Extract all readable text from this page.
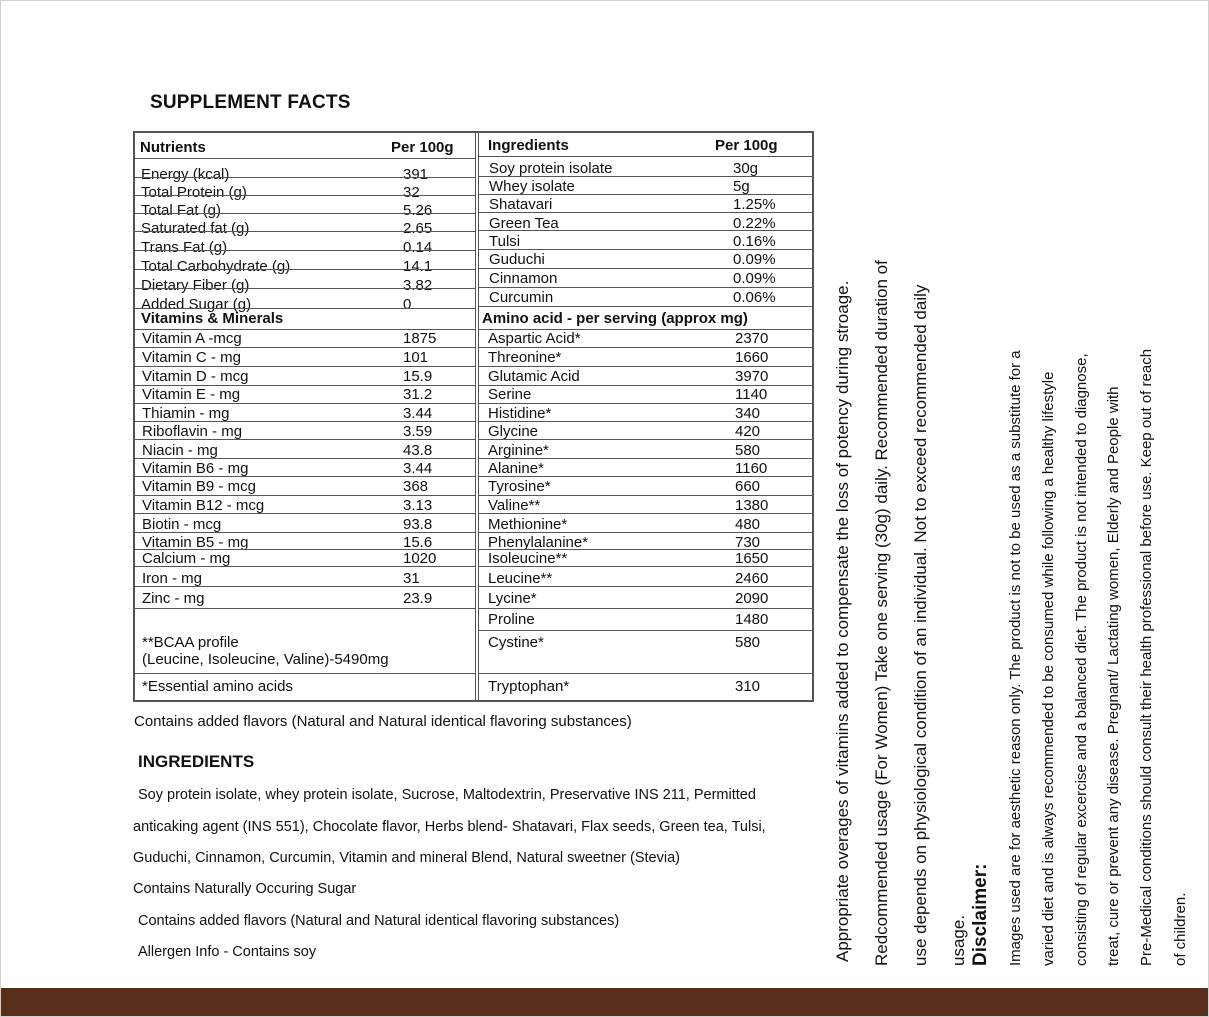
SUPPLEMENT FACTS
Nutrients	Per 100g
Energy (kcal)	391
Total Protein (g)	32
Total Fat (g)	5.26
Saturated fat (g)	2.65
Trans Fat (g)	0.14
Total Carbohydrate (g)	14.1
Dietary Fiber (g)	3.82
Added Sugar (g)	0
Vitamins & Minerals
Vitamin A -mcg	1875
Vitamin C - mg	101
Vitamin D - mcg	15.9
Vitamin E - mg	31.2
Thiamin - mg	3.44
Riboflavin - mg	3.59
Niacin - mg	43.8
Vitamin B6 - mg	3.44
Vitamin B9 - mcg	368
Vitamin B12 - mcg	3.13
Biotin - mcg	93.8
Vitamin B5 - mg	15.6
Calcium - mg	1020
Iron - mg	31
Zinc - mg	23.9
**BCAA profile
(Leucine, Isoleucine, Valine)-5490mg
*Essential amino acids
Ingredients	Per 100g
Soy protein isolate	30g
Whey isolate	5g
Shatavari	1.25%
Green Tea	0.22%
Tulsi	0.16%
Guduchi	0.09%
Cinnamon	0.09%
Curcumin	0.06%
Amino acid - per serving (approx mg)
Aspartic Acid*	2370
Threonine*	1660
Glutamic Acid	3970
Serine	1140
Histidine*	340
Glycine	420
Arginine*	580
Alanine*	1160
Tyrosine*	660
Valine**	1380
Methionine*	480
Phenylalanine*	730
Isoleucine**	1650
Leucine**	2460
Lycine*	2090
Proline	1480
Cystine*	580
Tryptophan*	310
Contains added flavors (Natural and Natural identical flavoring substances)
INGREDIENTS
Soy protein isolate, whey protein isolate, Sucrose, Maltodextrin, Preservative INS 211, Permitted
anticaking agent (INS 551), Chocolate flavor, Herbs blend- Shatavari, Flax seeds, Green tea, Tulsi,
Guduchi, Cinnamon, Curcumin, Vitamin and mineral Blend, Natural sweetner (Stevia)
Contains Naturally Occuring Sugar
Contains added flavors (Natural and Natural identical flavoring substances)
Allergen Info - Contains soy	Appropriate overages of vitamins added to compensate the loss of potency during stroage. Redcommended usage (For Women) Take one serving (30g) daily. Recommended duration of use depends on physiological condition of an individual. Not to exceed recommended daily usage. Disclaimer: Images used are for aesthetic reason only. The product is not to be used as a substitute for a varied diet and is always recommended to be consumed while following a healthy lifestyle consisting of regular excercise and a balanced diet. The product is not intended to diagnose, treat, cure or prevent any disease. Pregnant/ Lactating women, Elderly and People with Pre-Medical conditions should consult their health professional before use. Keep out of reach of children.
